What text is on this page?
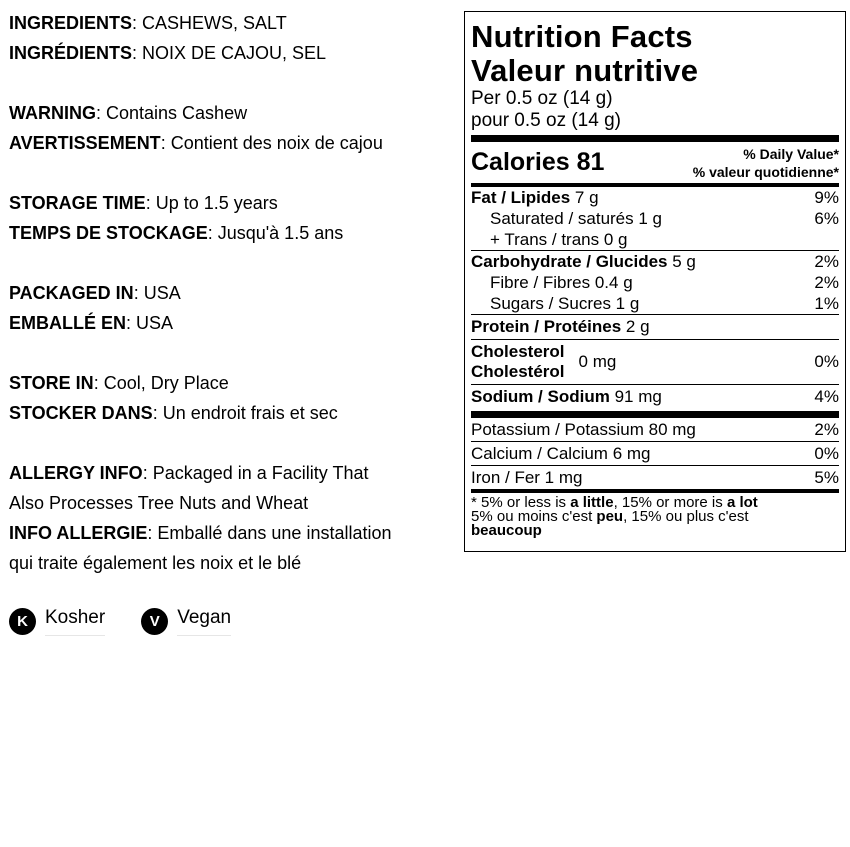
INGREDIENTS: CASHEWS, SALT
INGRÉDIENTS: NOIX DE CAJOU, SEL
WARNING: Contains Cashew
AVERTISSEMENT: Contient des noix de cajou
STORAGE TIME: Up to 1.5 years
TEMPS DE STOCKAGE: Jusqu'à 1.5 ans
PACKAGED IN: USA
EMBALLÉ EN: USA
STORE IN: Cool, Dry Place
STOCKER DANS: Un endroit frais et sec
ALLERGY INFO: Packaged in a Facility That
Also Processes Tree Nuts and Wheat
INFO ALLERGIE: Emballé dans une installation
qui traite également les noix et le blé
K Kosher	V Vegan
Nutrition Facts
Valeur nutritive
Per 0.5 oz (14 g)
pour 0.5 oz (14 g)
Calories 81	% Daily Value*
% valeur quotidienne*
Fat / Lipides 7 g	9%
Saturated / saturés 1 g	6%
+ Trans / trans 0 g
Carbohydrate / Glucides 5 g	2%
Fibre / Fibres 0.4 g	2%
Sugars / Sucres 1 g	1%
Protein / Protéines 2 g
Cholesterol
Cholestérol
0 mg	0%
Sodium / Sodium 91 mg	4%
Potassium / Potassium 80 mg	2%
Calcium / Calcium 6 mg	0%
Iron / Fer 1 mg	5%
* 5% or less is a little, 15% or more is a lot
5% ou moins c'est peu, 15% ou plus c'est
beaucoup
